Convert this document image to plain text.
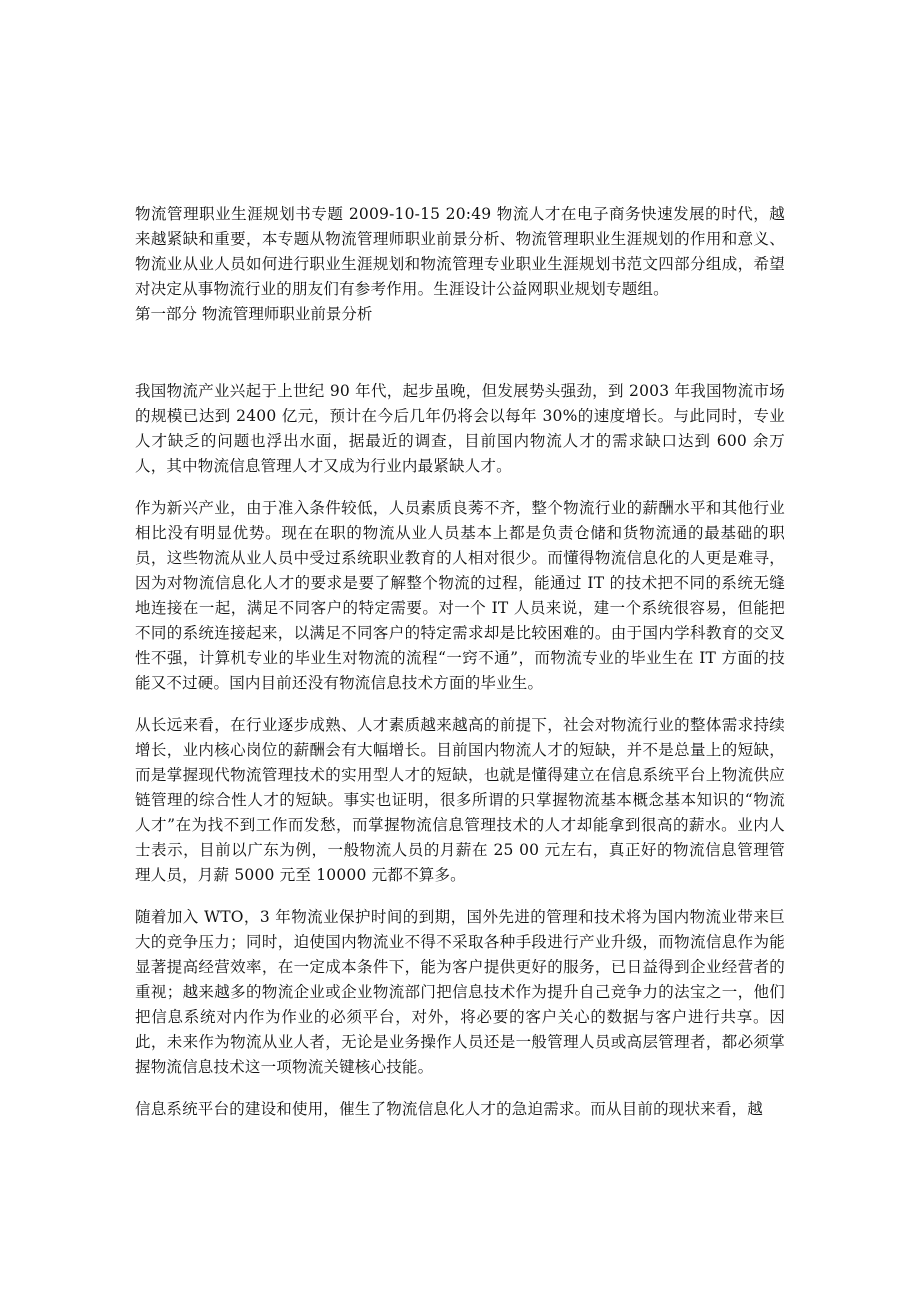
物流管理职业生涯规划书专题 2009-10-15 20:49 物流人才在电子商务快速发展的时代，越来越紧缺和重要，本专题从物流管理师职业前景分析、物流管理职业生涯规划的作用和意义、物流业从业人员如何进行职业生涯规划和物流管理专业职业生涯规划书范文四部分组成，希望对决定从事物流行业的朋友们有参考作用。生涯设计公益网职业规划专题组。

第一部分 物流管理师职业前景分析

我国物流产业兴起于上世纪 90 年代，起步虽晚，但发展势头强劲，到 2003 年我国物流市场的规模已达到 2400 亿元，预计在今后几年仍将会以每年 30%的速度增长。与此同时，专业人才缺乏的问题也浮出水面，据最近的调查，目前国内物流人才的需求缺口达到 600 余万人，其中物流信息管理人才又成为行业内最紧缺人才。

作为新兴产业，由于准入条件较低，人员素质良莠不齐，整个物流行业的薪酬水平和其他行业相比没有明显优势。现在在职的物流从业人员基本上都是负责仓储和货物流通的最基础的职员，这些物流从业人员中受过系统职业教育的人相对很少。而懂得物流信息化的人更是难寻，因为对物流信息化人才的要求是要了解整个物流的过程，能通过 IT 的技术把不同的系统无缝地连接在一起，满足不同客户的特定需要。对一个 IT 人员来说，建一个系统很容易，但能把不同的系统连接起来，以满足不同客户的特定需求却是比较困难的。由于国内学科教育的交叉性不强，计算机专业的毕业生对物流的流程“一窍不通”，而物流专业的毕业生在 IT 方面的技能又不过硬。国内目前还没有物流信息技术方面的毕业生。

从长远来看，在行业逐步成熟、人才素质越来越高的前提下，社会对物流行业的整体需求持续增长，业内核心岗位的薪酬会有大幅增长。目前国内物流人才的短缺，并不是总量上的短缺，而是掌握现代物流管理技术的实用型人才的短缺，也就是懂得建立在信息系统平台上物流供应链管理的综合性人才的短缺。事实也证明，很多所谓的只掌握物流基本概念基本知识的“物流人才”在为找不到工作而发愁，而掌握物流信息管理技术的人才却能拿到很高的薪水。业内人士表示，目前以广东为例，一般物流人员的月薪在 25 00 元左右，真正好的物流信息管理管理人员，月薪 5000 元至 10000 元都不算多。

随着加入 WTO，3 年物流业保护时间的到期，国外先进的管理和技术将为国内物流业带来巨大的竞争压力；同时，迫使国内物流业不得不采取各种手段进行产业升级，而物流信息作为能显著提高经营效率，在一定成本条件下，能为客户提供更好的服务，已日益得到企业经营者的重视；越来越多的物流企业或企业物流部门把信息技术作为提升自己竞争力的法宝之一，他们把信息系统对内作为作业的必须平台，对外，将必要的客户关心的数据与客户进行共享。因此，未来作为物流从业人者，无论是业务操作人员还是一般管理人员或高层管理者，都必须掌握物流信息技术这一项物流关键核心技能。

信息系统平台的建设和使用，催生了物流信息化人才的急迫需求。而从目前的现状来看，越
